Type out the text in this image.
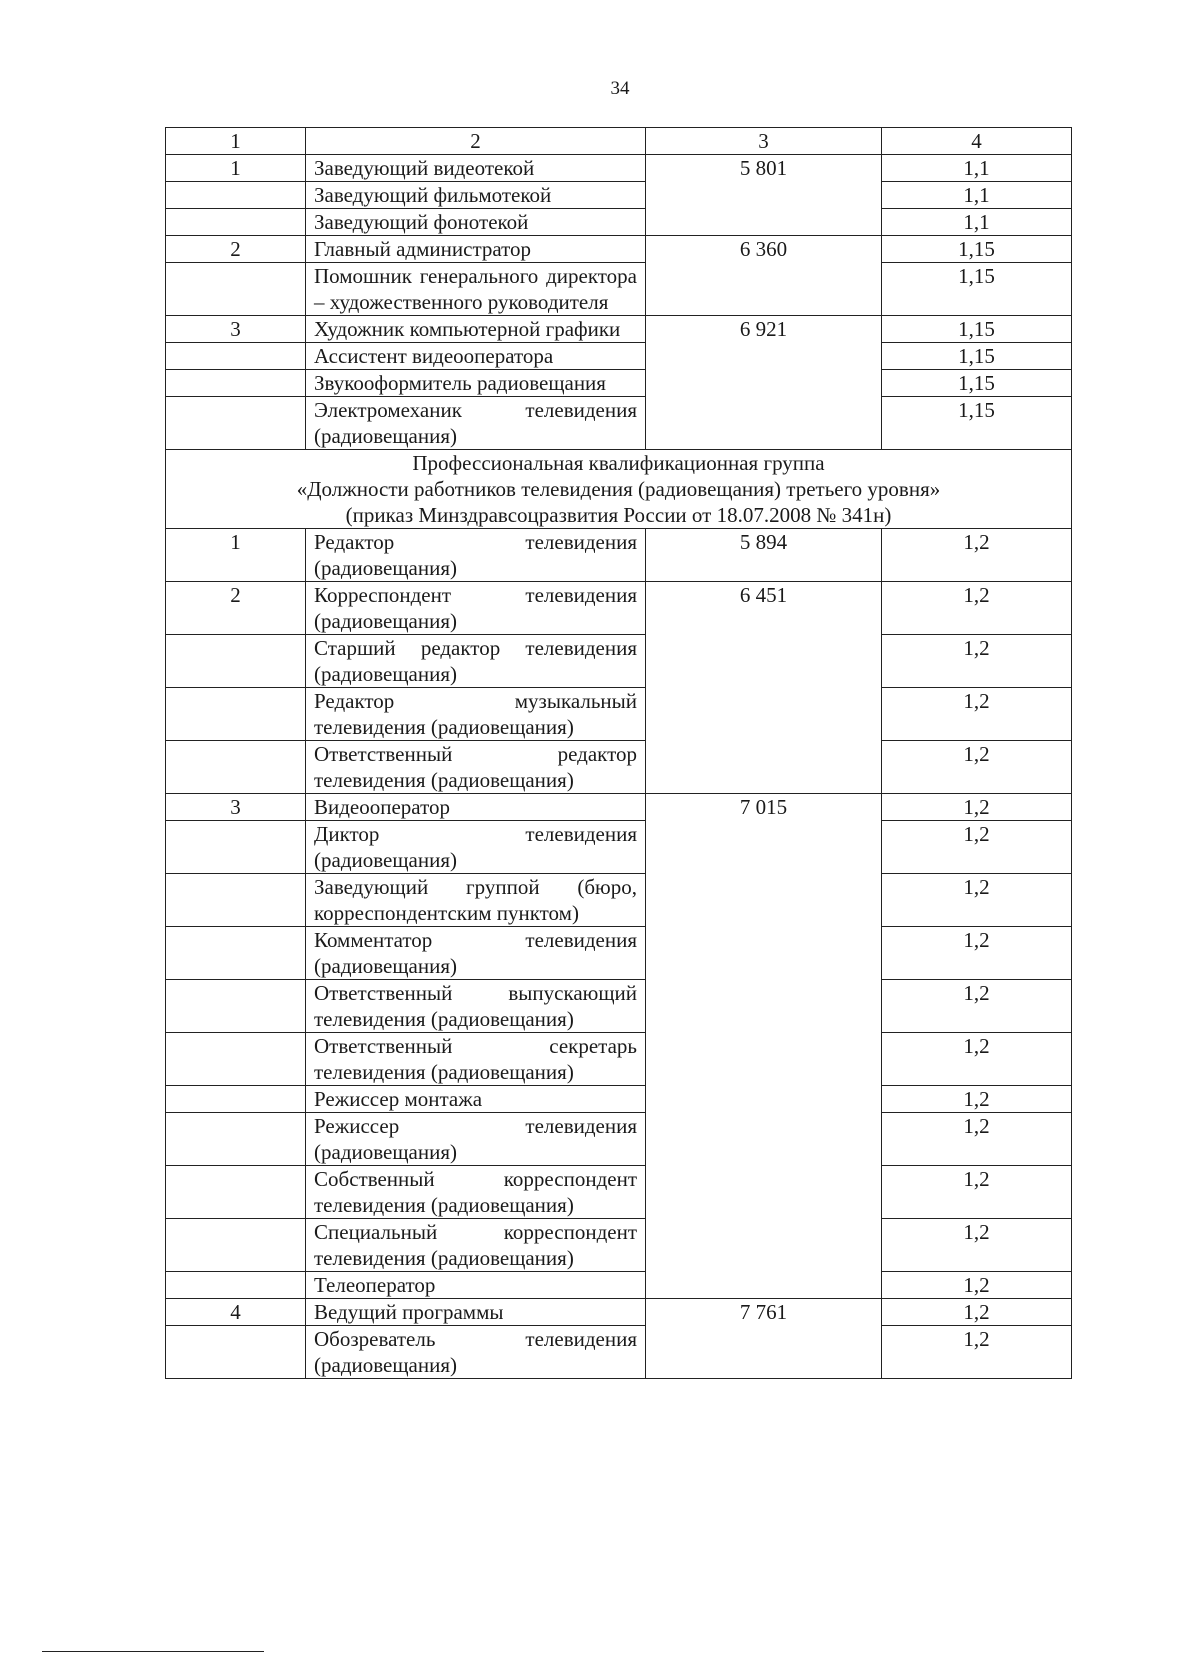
34
1	2	3	4
1	Заведующий видеотекой	5 801	1,1
	Заведующий фильмотекой		1,1
	Заведующий фонотекой		1,1
2	Главный администратор	6 360	1,15
	Помошник генерального директора – художественного руководителя		1,15
3	Художник компьютерной графики	6 921	1,15
	Ассистент видеооператора		1,15
	Звукооформитель радиовещания		1,15
	Электромеханик телевидения (радиовещания)		1,15

Профессиональная квалификационная группа
«Должности работников телевидения (радиовещания) третьего уровня»
(приказ Минздравсоцразвития России от 18.07.2008 № 341н)			

1	Редактор телевидения (радиовещания)	5 894	1,2
2	Корреспондент телевидения (радиовещания)	6 451	1,2
	Старший редактор телевидения (радиовещания)		1,2
	Редактор музыкальный телевидения (радиовещания)		1,2
	Ответственный редактор телевидения (радиовещания)		1,2
3	Видеооператор	7 015	1,2
	Диктор телевидения (радиовещания)		1,2
	Заведующий группой (бюро, корреспондентским пунктом)		1,2
	Комментатор телевидения (радиовещания)		1,2
	Ответственный выпускающий телевидения (радиовещания)		1,2
	Ответственный секретарь телевидения (радиовещания)		1,2
	Режиссер монтажа		1,2
	Режиссер телевидения (радиовещания)		1,2
	Собственный корреспондент телевидения (радиовещания)		1,2
	Специальный корреспондент телевидения (радиовещания)		1,2
	Телеоператор		1,2
4	Ведущий программы	7 761	1,2
	Обозреватель телевидения (радиовещания)		1,2
